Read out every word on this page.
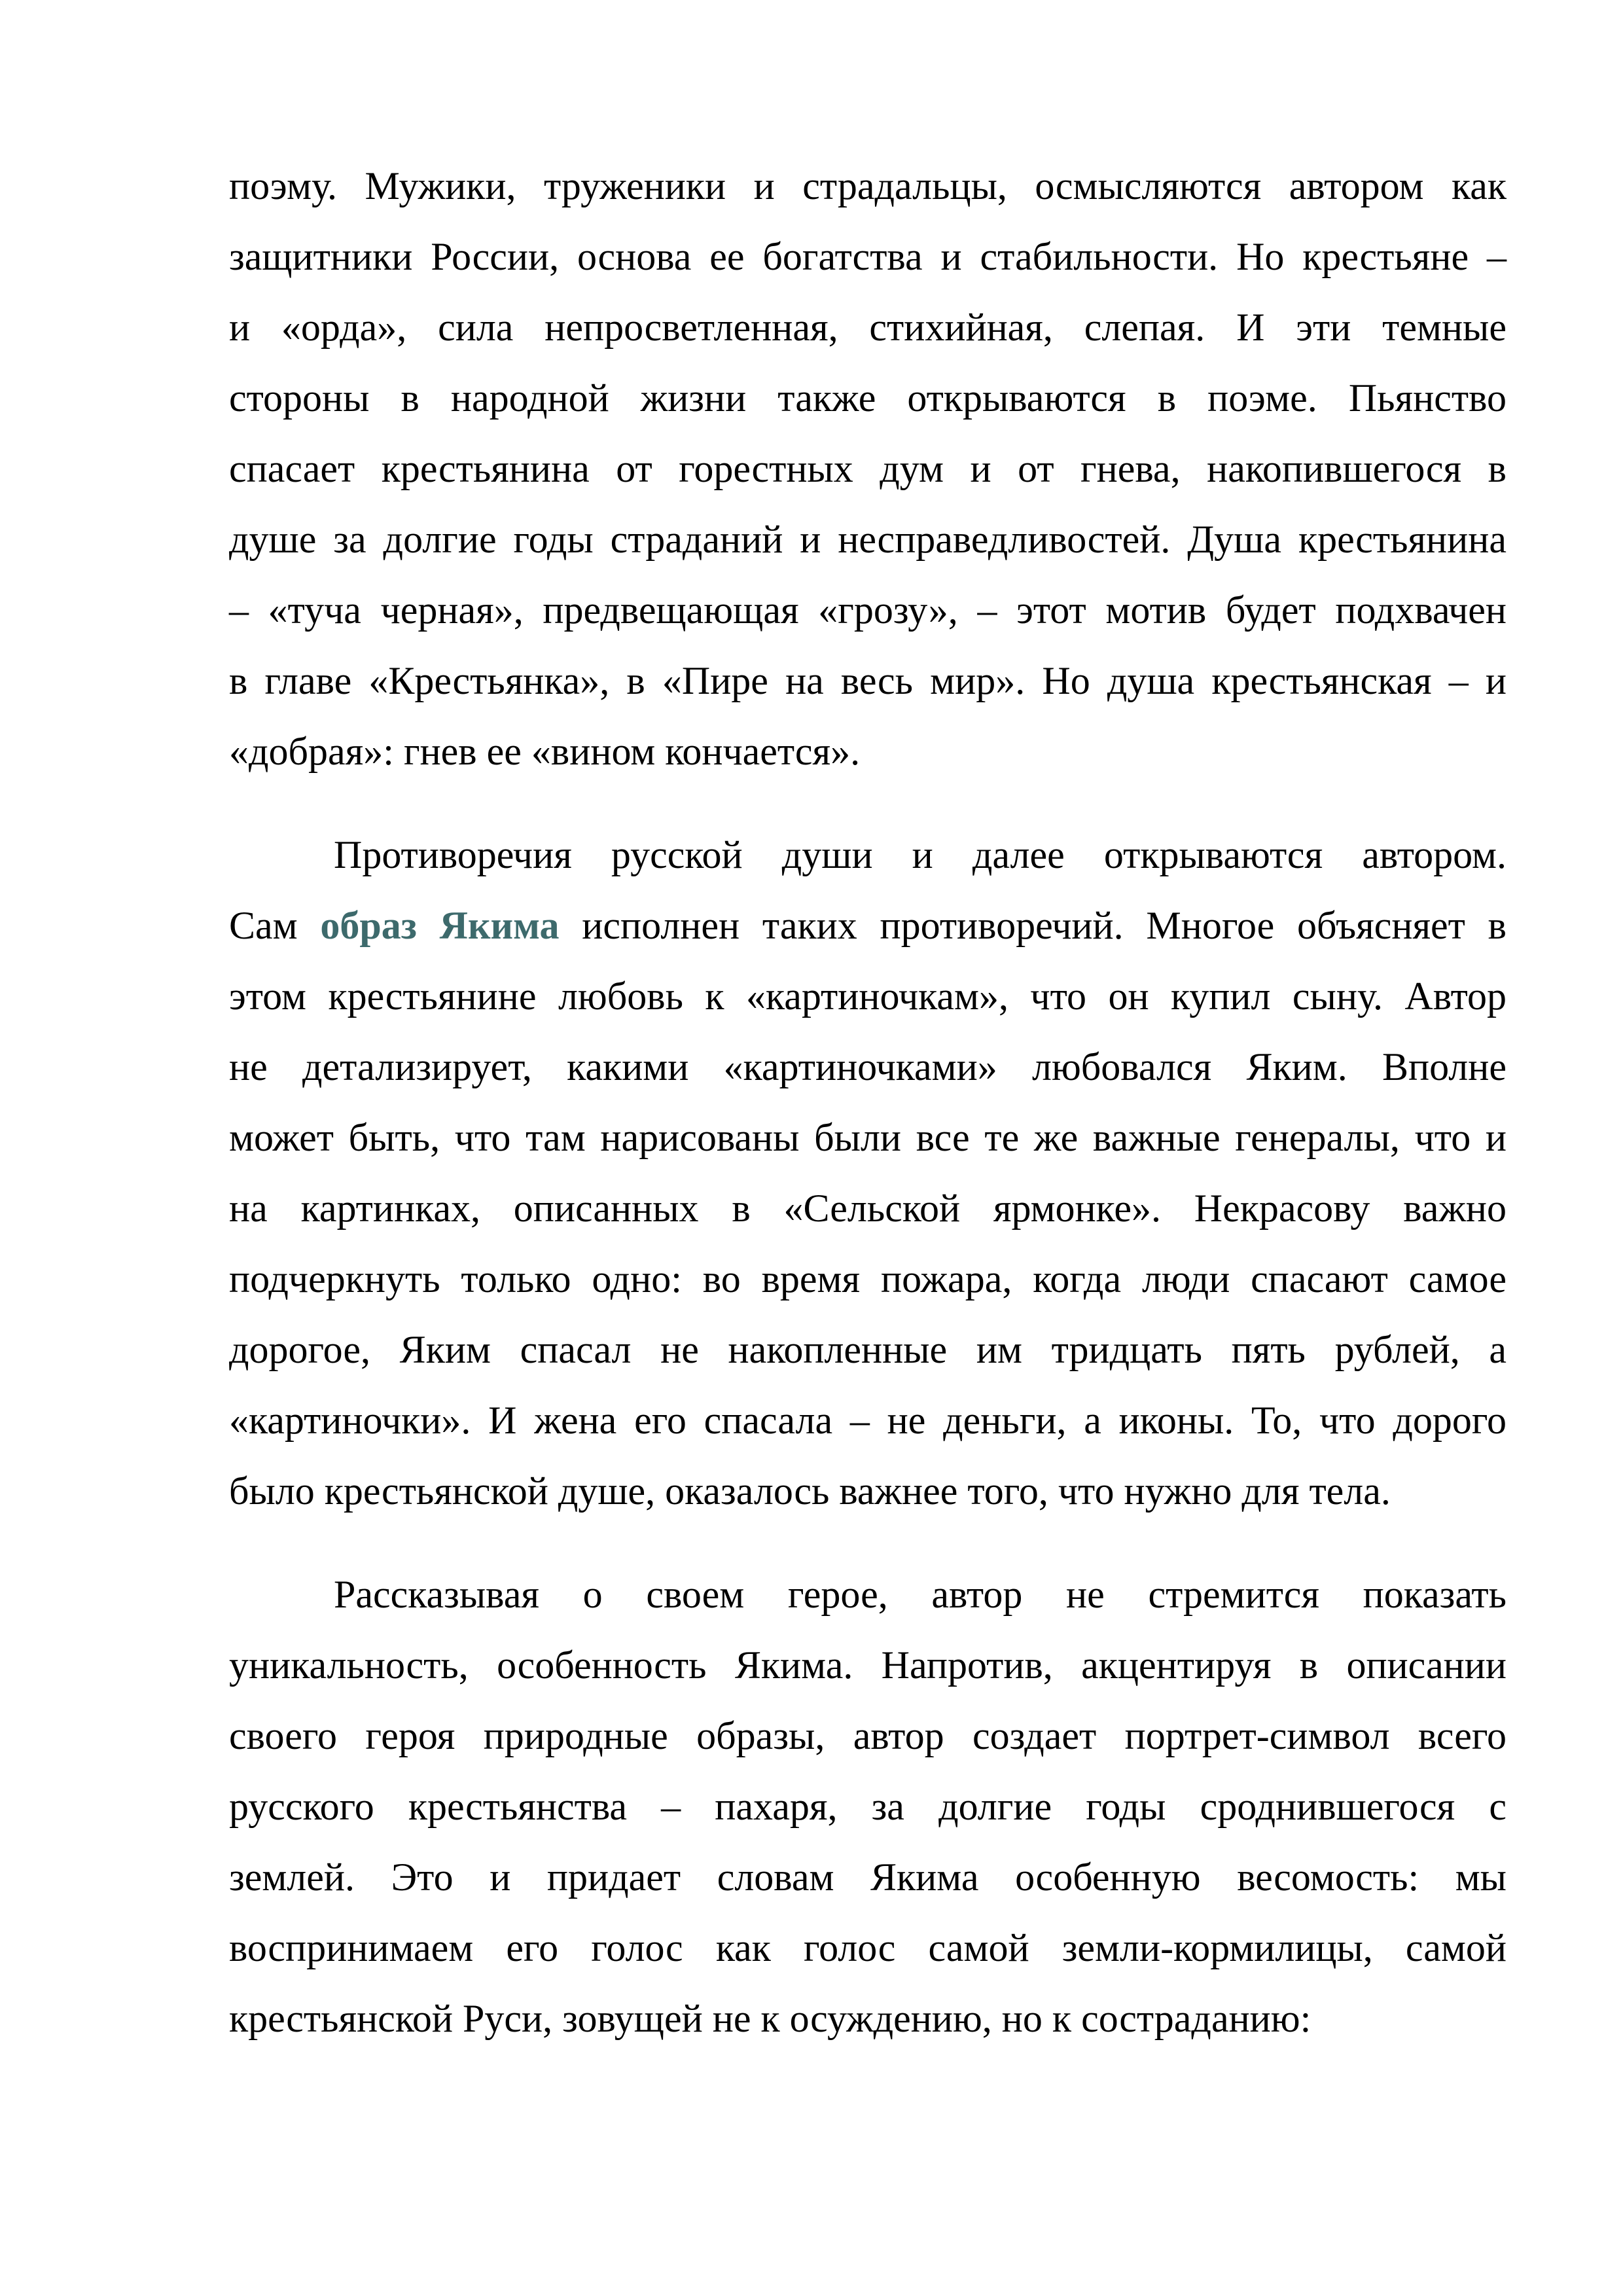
поэму. Мужики, труженики и страдальцы, осмысляются автором как
защитники России, основа ее богатства и стабильности. Но крестьяне –
и «орда», сила непросветленная, стихийная, слепая. И эти темные
стороны в народной жизни также открываются в поэме. Пьянство
спасает крестьянина от горестных дум и от гнева, накопившегося в
душе за долгие годы страданий и несправедливостей. Душа крестьянина
– «туча черная», предвещающая «грозу», – этот мотив будет подхвачен
в главе «Крестьянка», в «Пире на весь мир». Но душа крестьянская – и
«добрая»: гнев ее «вином кончается».
Противоречия русской души и далее открываются автором.
Сам образ Якима исполнен таких противоречий. Многое объясняет в
этом крестьянине любовь к «картиночкам», что он купил сыну. Автор
не детализирует, какими «картиночками» любовался Яким. Вполне
может быть, что там нарисованы были все те же важные генералы, что и
на картинках, описанных в «Сельской ярмонке». Некрасову важно
подчеркнуть только одно: во время пожара, когда люди спасают самое
дорогое, Яким спасал не накопленные им тридцать пять рублей, а
«картиночки». И жена его спасала – не деньги, а иконы. То, что дорого
было крестьянской душе, оказалось важнее того, что нужно для тела.
Рассказывая о своем герое, автор не стремится показать
уникальность, особенность Якима. Напротив, акцентируя в описании
своего героя природные образы, автор создает портрет-символ всего
русского крестьянства – пахаря, за долгие годы сроднившегося с
землей. Это и придает словам Якима особенную весомость: мы
воспринимаем его голос как голос самой земли-кормилицы, самой
крестьянской Руси, зовущей не к осуждению, но к состраданию:
